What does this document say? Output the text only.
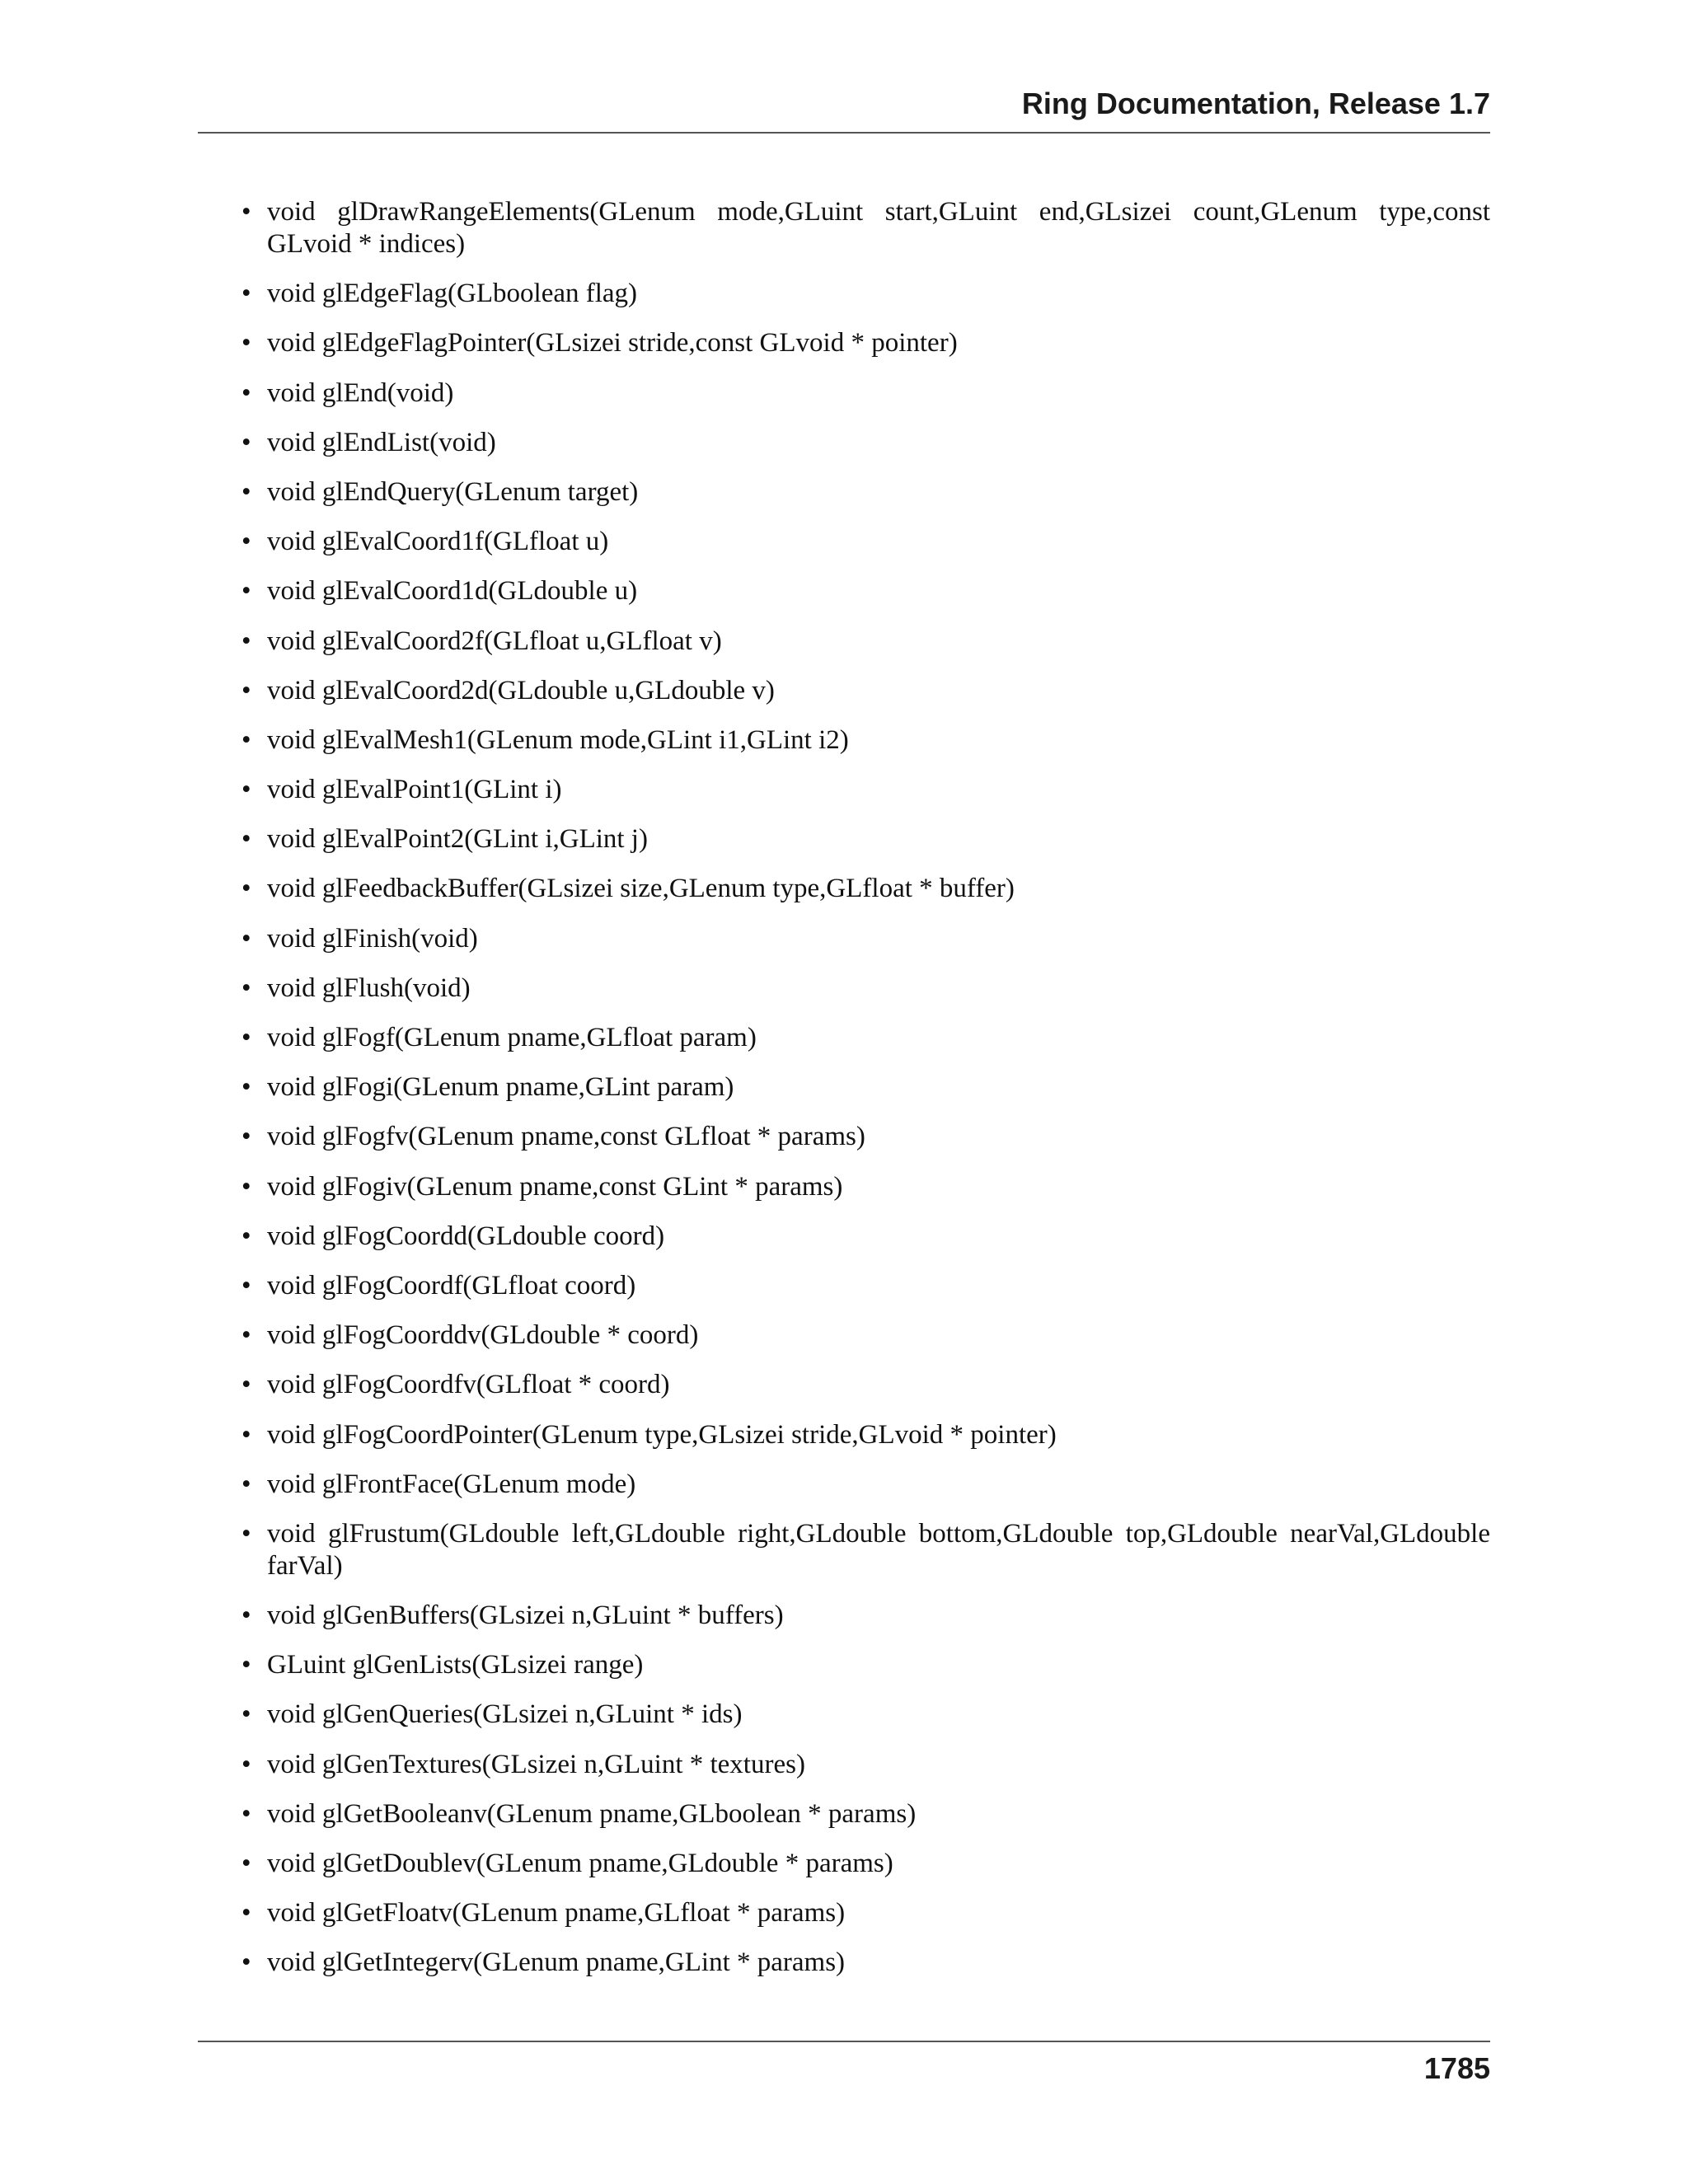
Ring Documentation, Release 1.7
• void glDrawRangeElements(GLenum mode,GLuint start,GLuint end,GLsizei count,GLenum type,const GLvoid * indices)
• void glEdgeFlag(GLboolean flag)
• void glEdgeFlagPointer(GLsizei stride,const GLvoid * pointer)
• void glEnd(void)
• void glEndList(void)
• void glEndQuery(GLenum target)
• void glEvalCoord1f(GLfloat u)
• void glEvalCoord1d(GLdouble u)
• void glEvalCoord2f(GLfloat u,GLfloat v)
• void glEvalCoord2d(GLdouble u,GLdouble v)
• void glEvalMesh1(GLenum mode,GLint i1,GLint i2)
• void glEvalPoint1(GLint i)
• void glEvalPoint2(GLint i,GLint j)
• void glFeedbackBuffer(GLsizei size,GLenum type,GLfloat * buffer)
• void glFinish(void)
• void glFlush(void)
• void glFogf(GLenum pname,GLfloat param)
• void glFogi(GLenum pname,GLint param)
• void glFogfv(GLenum pname,const GLfloat * params)
• void glFogiv(GLenum pname,const GLint * params)
• void glFogCoordd(GLdouble coord)
• void glFogCoordf(GLfloat coord)
• void glFogCoorddv(GLdouble * coord)
• void glFogCoordfv(GLfloat * coord)
• void glFogCoordPointer(GLenum type,GLsizei stride,GLvoid * pointer)
• void glFrontFace(GLenum mode)
• void glFrustum(GLdouble left,GLdouble right,GLdouble bottom,GLdouble top,GLdouble nearVal,GLdouble farVal)
• void glGenBuffers(GLsizei n,GLuint * buffers)
• GLuint glGenLists(GLsizei range)
• void glGenQueries(GLsizei n,GLuint * ids)
• void glGenTextures(GLsizei n,GLuint * textures)
• void glGetBooleanv(GLenum pname,GLboolean * params)
• void glGetDoublev(GLenum pname,GLdouble * params)
• void glGetFloatv(GLenum pname,GLfloat * params)
• void glGetIntegerv(GLenum pname,GLint * params)
1785
